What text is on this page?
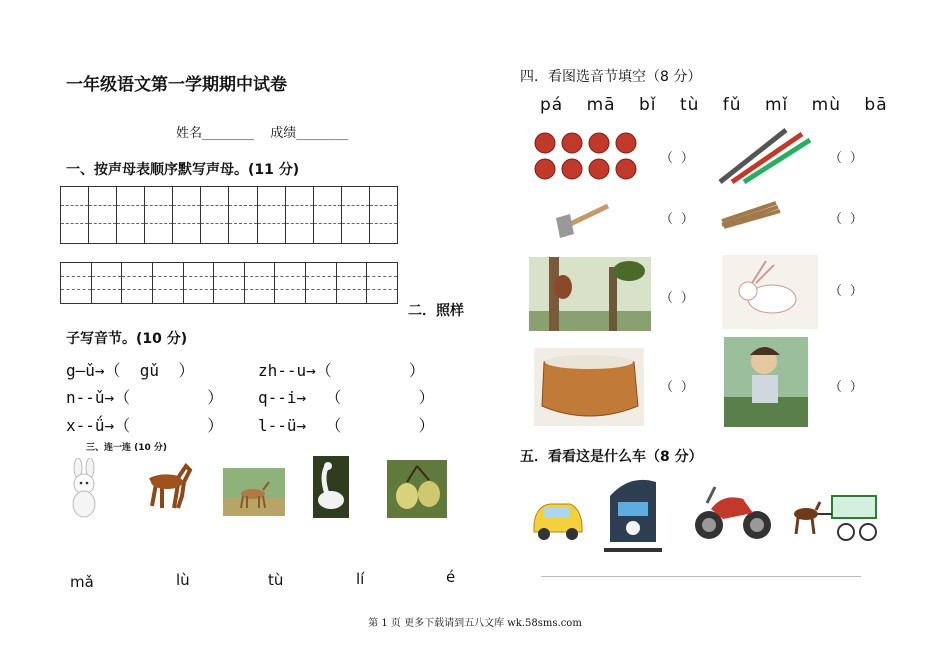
一年级语文第一学期期中试卷
姓名________ 成绩________
一、按声母表顺序默写声母。(11 分)
二．照样
子写音节。(10 分)
g—ǔ→（  gǔ  ）	zh--u→（        ）
n--ǔ→（        ） q--i→  （        ）
x--ǘ→（        ） l--ü→  （        ）
三、连一连 (10 分)
mǎ	lù	tù	lí	é
四．看图选音节填空（8 分）
pá mā bǐ tù fǔ mǐ mù bā
（ ）	（ ）
（ ）	（ ）
（ ）	（ ）
（ ）	（ ）
五．看看这是什么车（8 分）
第 1 页 更多下载请到五八文库 wk.58sms.com
